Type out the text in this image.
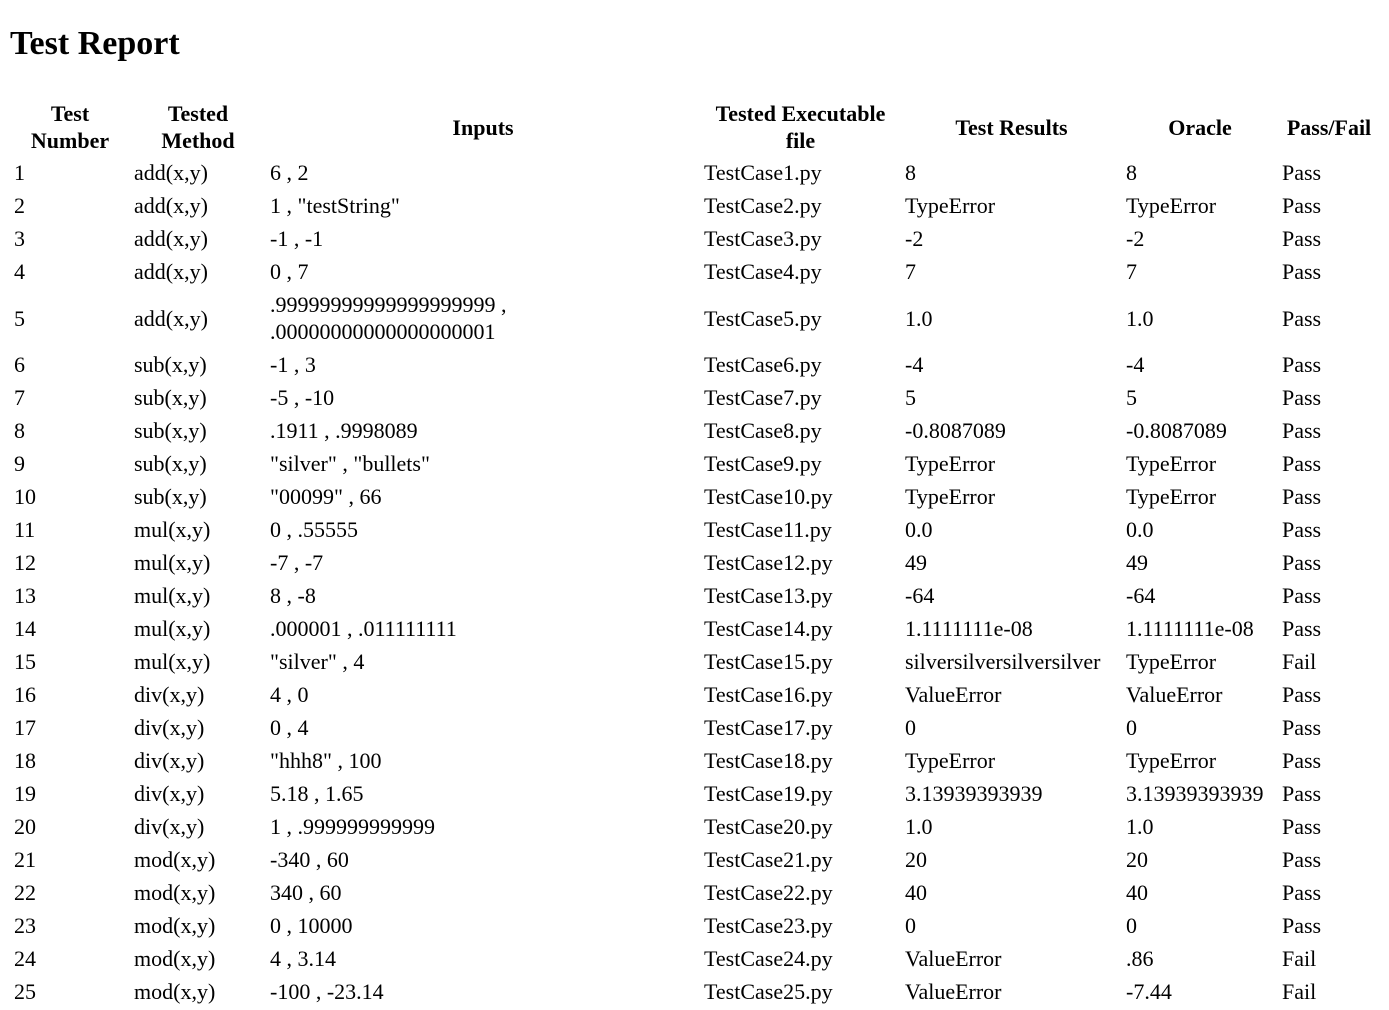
Test Report
Test Number	Tested Method	Inputs	Tested Executable file	Test Results	Oracle	Pass/Fail
1	add(x,y)	6 , 2	TestCase1.py	8	8	Pass
2	add(x,y)	1 , "testString"	TestCase2.py	TypeError	TypeError	Pass
3	add(x,y)	-1 , -1	TestCase3.py	-2	-2	Pass
4	add(x,y)	0 , 7	TestCase4.py	7	7	Pass
5	add(x,y)	.99999999999999999999 , .00000000000000000001	TestCase5.py	1.0	1.0	Pass
6	sub(x,y)	-1 , 3	TestCase6.py	-4	-4	Pass
7	sub(x,y)	-5 , -10	TestCase7.py	5	5	Pass
8	sub(x,y)	.1911 , .9998089	TestCase8.py	-0.8087089	-0.8087089	Pass
9	sub(x,y)	"silver" , "bullets"	TestCase9.py	TypeError	TypeError	Pass
10	sub(x,y)	"00099" , 66	TestCase10.py	TypeError	TypeError	Pass
11	mul(x,y)	0 , .55555	TestCase11.py	0.0	0.0	Pass
12	mul(x,y)	-7 , -7	TestCase12.py	49	49	Pass
13	mul(x,y)	8 , -8	TestCase13.py	-64	-64	Pass
14	mul(x,y)	.000001 , .011111111	TestCase14.py	1.1111111e-08	1.1111111e-08	Pass
15	mul(x,y)	"silver" , 4	TestCase15.py	silversilversilversilver	TypeError	Fail
16	div(x,y)	4 , 0	TestCase16.py	ValueError	ValueError	Pass
17	div(x,y)	0 , 4	TestCase17.py	0	0	Pass
18	div(x,y)	"hhh8" , 100	TestCase18.py	TypeError	TypeError	Pass
19	div(x,y)	5.18 , 1.65	TestCase19.py	3.13939393939	3.13939393939	Pass
20	div(x,y)	1 , .999999999999	TestCase20.py	1.0	1.0	Pass
21	mod(x,y)	-340 , 60	TestCase21.py	20	20	Pass
22	mod(x,y)	340 , 60	TestCase22.py	40	40	Pass
23	mod(x,y)	0 , 10000	TestCase23.py	0	0	Pass
24	mod(x,y)	4 , 3.14	TestCase24.py	ValueError	.86	Fail
25	mod(x,y)	-100 , -23.14	TestCase25.py	ValueError	-7.44	Fail
